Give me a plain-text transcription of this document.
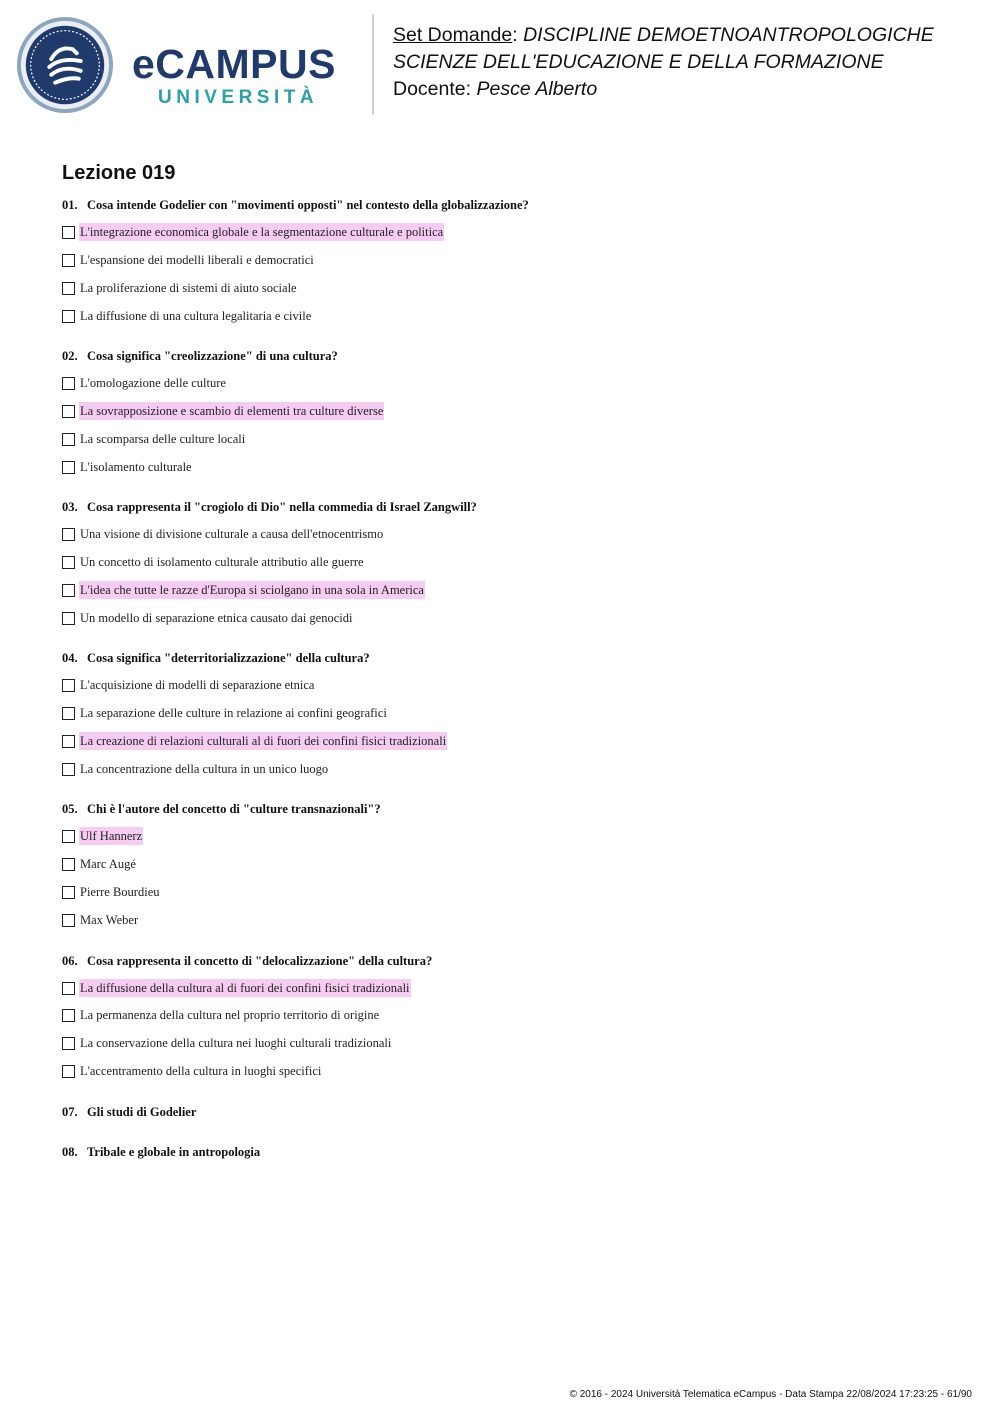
eCAMPUS
UNIVERSITÀ
Set Domande: DISCIPLINE DEMOETNOANTROPOLOGICHE
SCIENZE DELL'EDUCAZIONE E DELLA FORMAZIONE
Docente: Pesce Alberto
Lezione 019
01. Cosa intende Godelier con "movimenti opposti" nel contesto della globalizzazione?
L'integrazione economica globale e la segmentazione culturale e politica
L'espansione dei modelli liberali e democratici
La proliferazione di sistemi di aiuto sociale
La diffusione di una cultura legalitaria e civile
02. Cosa significa "creolizzazione" di una cultura?
L'omologazione delle culture
La sovrapposizione e scambio di elementi tra culture diverse
La scomparsa delle culture locali
L'isolamento culturale
03. Cosa rappresenta il "crogiolo di Dio" nella commedia di Israel Zangwill?
Una visione di divisione culturale a causa dell'etnocentrismo
Un concetto di isolamento culturale attributio alle guerre
L'idea che tutte le razze d'Europa si sciolgano in una sola in America
Un modello di separazione etnica causato dai genocidi
04. Cosa significa "deterritorializzazione" della cultura?
L'acquisizione di modelli di separazione etnica
La separazione delle culture in relazione ai confini geografici
La creazione di relazioni culturali al di fuori dei confini fisici tradizionali
La concentrazione della cultura in un unico luogo
05. Chi è l'autore del concetto di "culture transnazionali"?
Ulf Hannerz
Marc Augé
Pierre Bourdieu
Max Weber
06. Cosa rappresenta il concetto di "delocalizzazione" della cultura?
La diffusione della cultura al di fuori dei confini fisici tradizionali
La permanenza della cultura nel proprio territorio di origine
La conservazione della cultura nei luoghi culturali tradizionali
L'accentramento della cultura in luoghi specifici
07. Gli studi di Godelier
08. Tribale e globale in antropologia
© 2016 - 2024 Università Telematica eCampus - Data Stampa 22/08/2024 17:23:25 - 61/90
